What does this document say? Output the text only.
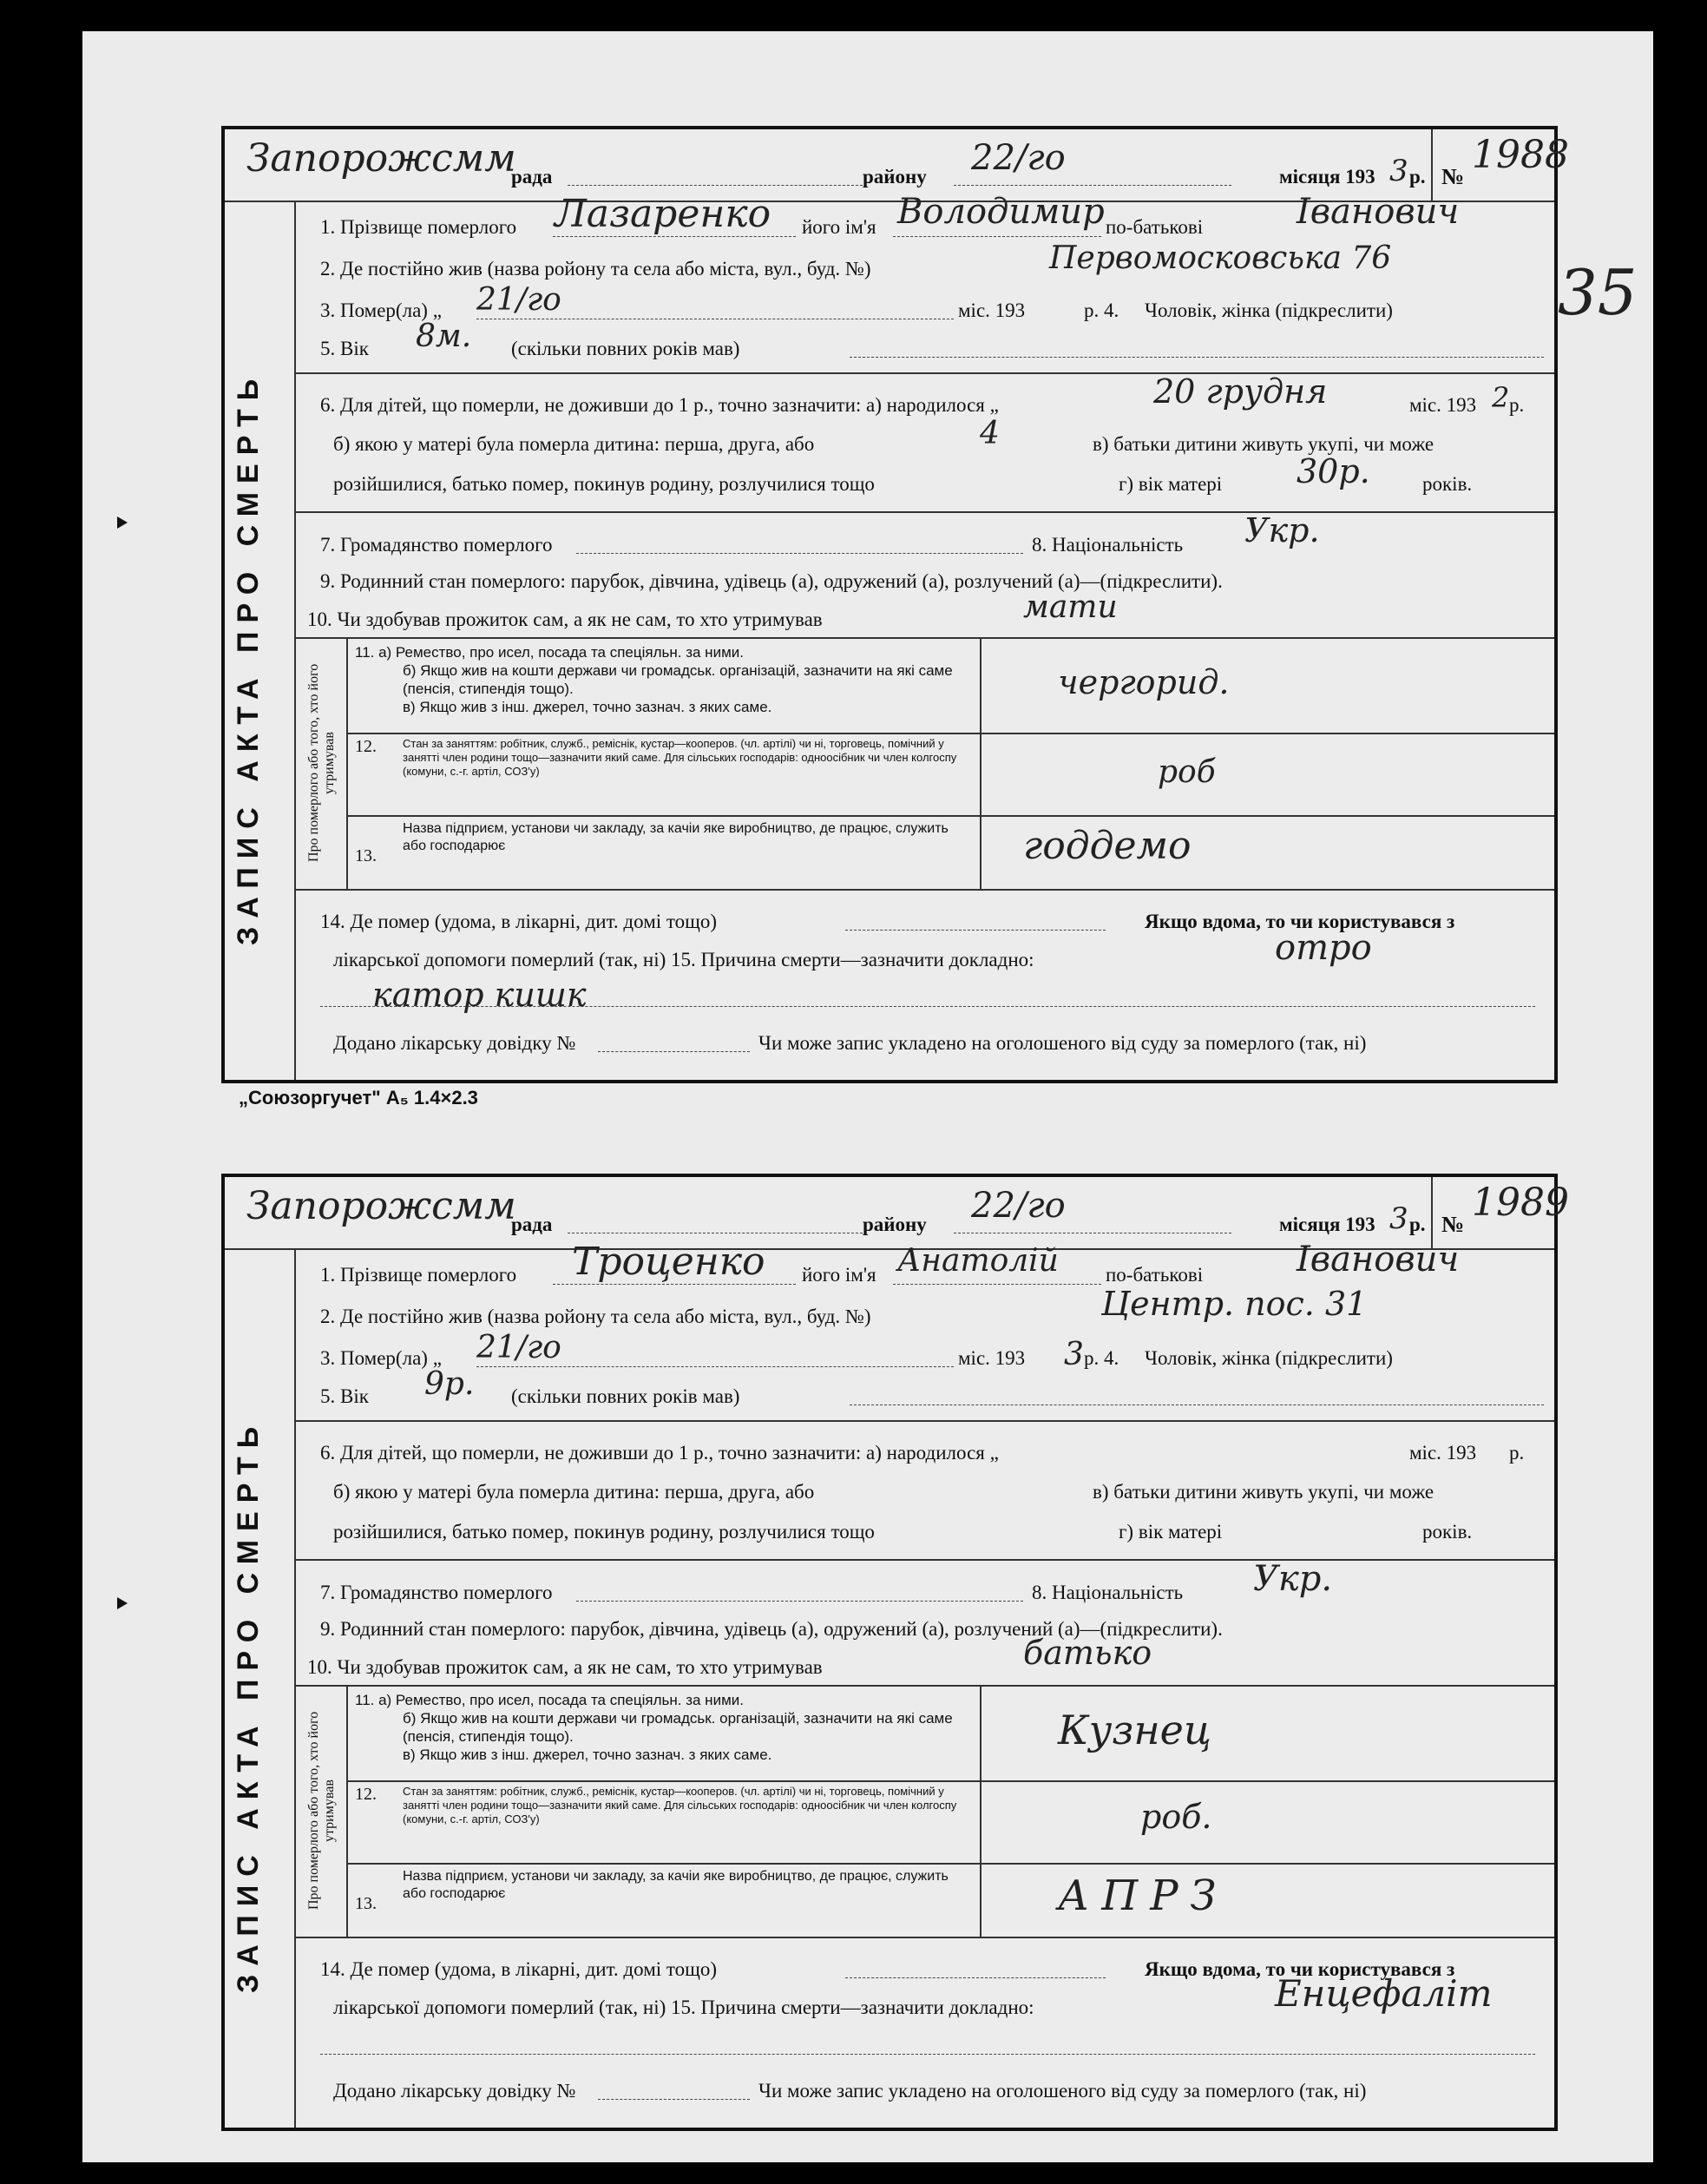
Запорожсмм
рада	району 22/го	місяця 193 3 р. № 1988
ЗАПИС АКТА ПРО СМЕРТЬ
1. Прізвище померлого Лазаренко його ім'я Володимир по-батькові	Іванович
2. Де постійно жив (назва ройону та села або міста, вул., буд. №)	Первомосковська 76
3. Помер(ла) „ 21/го	міс. 193	р. 4. Чоловік, жінка (підкреслити)
5. Вік 8м. (скільки повних років мав)
6. Для дітей, що померли, не доживши до 1 р., точно зазначити: а) народилося „	20 грудня	міс. 193 2 р.
б) якою у матері була померла дитина: перша, друга, або	4	в) батьки дитини живуть укупі, чи може
розійшилися, батько помер, покинув родину, розлучилися тощо	г) вік матері 30р.	років.
7. Громадянство померлого	8. Національність Укр.
9. Родинний стан померлого: парубок, дівчина, удівець (а), одружений (а), розлучений (а)—(підкреслити).
10. Чи здобував прожиток сам, а як не сам, то хто утримував	мати
Про померлого або того, хто його утримував
11. а) Ремество, про исел, посада та спеціяльн. за ними.
б) Якщо жив на кошти держави чи громадськ. організацій, зазначити на які саме (пенсія, стипендія тощо).
в) Якщо жив з інш. джерел, точно зазнач. з яких саме.
чергорид.
12. Стан за заняттям: робітник, служб., реміснік, кустар—кооперов. (чл. артілі) чи ні, торговець, помічний у занятті член родини тощо—зазначити який саме. Для сільських господарів: одноосібник чи член колгоспу (комуни, с.-г. артіл, СОЗ'у)	роб
13.
Назва підприєм, установи чи закладу, за качіи яке виробництво, де працює, служить або господарює	годдемо
14. Де помер (удома, в лікарні, дит. домі тощо)	Якщо вдома, то чи користувався з
лікарської допомоги померлий (так, ні) 15. Причина смерти—зазначити докладно:	отро
катор кишк
Додано лікарську довідку №	Чи може запис укладено на оголошеного від суду за померлого (так, ні)
„Союзоргучет" А₅ 1.4×2.3
35
Запорожсмм
рада	району 22/го	місяця 193 3 р. № 1989
ЗАПИС АКТА ПРО СМЕРТЬ
1. Прізвище померлого Троценко його ім'я Анатолій по-батькові	Іванович
2. Де постійно жив (назва ройону та села або міста, вул., буд. №)	Центр. пос. 31
3. Помер(ла) „ 21/го	міс. 193 3 р. 4. Чоловік, жінка (підкреслити)
5. Вік 9р. (скільки повних років мав)
6. Для дітей, що померли, не доживши до 1 р., точно зазначити: а) народилося „	міс. 193 р.
б) якою у матері була померла дитина: перша, друга, або	в) батьки дитини живуть укупі, чи може
розійшилися, батько помер, покинув родину, розлучилися тощо	г) вік матері	років.
7. Громадянство померлого	8. Національність Укр.
9. Родинний стан померлого: парубок, дівчина, удівець (а), одружений (а), розлучений (а)—(підкреслити).
10. Чи здобував прожиток сам, а як не сам, то хто утримував	батько
Про померлого або того, хто його утримував
11. а) Ремество, про исел, посада та спеціяльн. за ними.
б) Якщо жив на кошти держави чи громадськ. організацій, зазначити на які саме (пенсія, стипендія тощо).
в) Якщо жив з інш. джерел, точно зазнач. з яких саме.
Кузнец
12. Стан за заняттям: робітник, служб., реміснік, кустар—кооперов. (чл. артілі) чи ні, торговець, помічний у занятті член родини тощо—зазначити який саме. Для сільських господарів: одноосібник чи член колгоспу (комуни, с.-г. артіл, СОЗ'у)	роб.
13.
Назва підприєм, установи чи закладу, за качіи яке виробництво, де працює, служить або господарює	АПРЗ
14. Де помер (удома, в лікарні, дит. домі тощо)	Якщо вдома, то чи користувався з
лікарської допомоги померлий (так, ні) 15. Причина смерти—зазначити докладно:	Енцефаліт
Додано лікарську довідку №	Чи може запис укладено на оголошеного від суду за померлого (так, ні)
